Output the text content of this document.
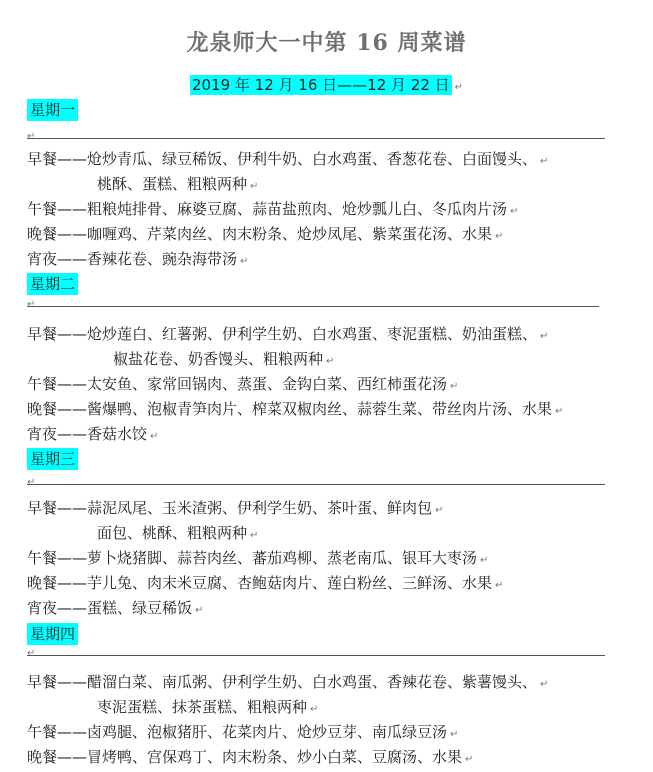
龙泉师大一中第 16 周菜谱
2019 年 12 月 16 日——12 月 22 日 ↵
星期一
↵
早餐——炝炒青瓜、绿豆稀饭、伊利牛奶、白水鸡蛋、香葱花卷、白面馒头、 ↵
桃酥、蛋糕、粗粮两种 ↵
午餐——粗粮炖排骨、麻婆豆腐、蒜苗盐煎肉、炝炒瓢儿白、冬瓜肉片汤 ↵
晚餐——咖喱鸡、芹菜肉丝、肉末粉条、炝炒凤尾、紫菜蛋花汤、水果 ↵
宵夜——香辣花卷、豌杂海带汤 ↵
星期二
↵
早餐——炝炒莲白、红薯粥、伊利学生奶、白水鸡蛋、枣泥蛋糕、奶油蛋糕、 ↵
椒盐花卷、奶香馒头、粗粮两种 ↵
午餐——太安鱼、家常回锅肉、蒸蛋、金钩白菜、西红柿蛋花汤 ↵
晚餐——酱爆鸭、泡椒青笋肉片、榨菜双椒肉丝、蒜蓉生菜、带丝肉片汤、水果 ↵
宵夜——香菇水饺 ↵
星期三
↵
早餐——蒜泥凤尾、玉米渣粥、伊利学生奶、茶叶蛋、鲜肉包 ↵
面包、桃酥、粗粮两种 ↵
午餐——萝卜烧猪脚、蒜苔肉丝、蕃茄鸡柳、蒸老南瓜、银耳大枣汤 ↵
晚餐——芋儿兔、肉末米豆腐、杏鲍菇肉片、莲白粉丝、三鲜汤、水果 ↵
宵夜——蛋糕、绿豆稀饭 ↵
星期四
↵
早餐——醋溜白菜、南瓜粥、伊利学生奶、白水鸡蛋、香辣花卷、紫薯馒头、 ↵
枣泥蛋糕、抹茶蛋糕、粗粮两种 ↵
午餐——卤鸡腿、泡椒猪肝、花菜肉片、炝炒豆芽、南瓜绿豆汤 ↵
晚餐——冒烤鸭、宫保鸡丁、肉末粉条、炒小白菜、豆腐汤、水果 ↵
